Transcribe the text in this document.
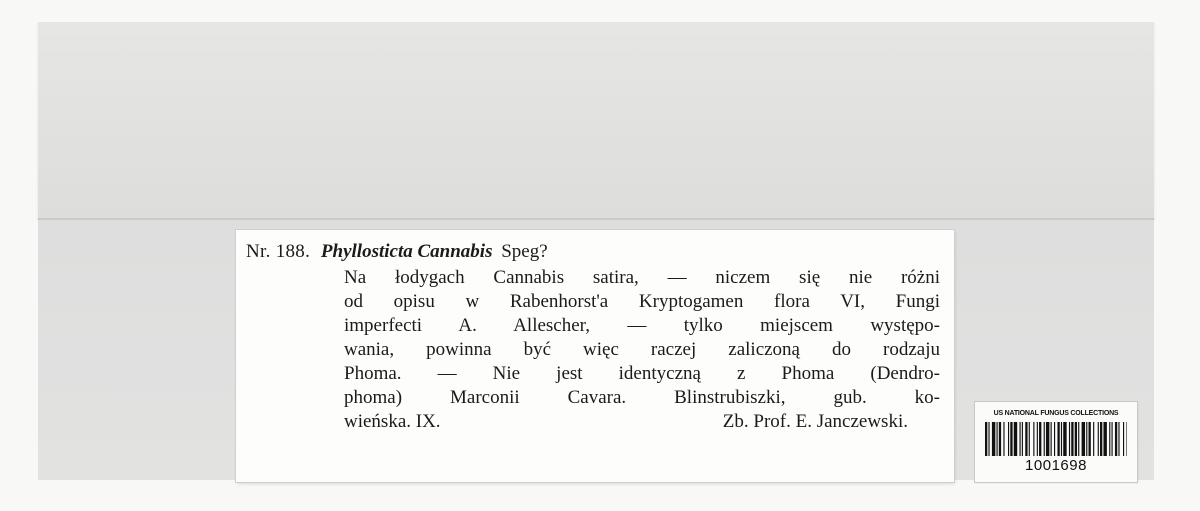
Nr. 188. Phyllosticta Cannabis Speg?
Na łodygach Cannabis satira, — niczem się nie różni
od opisu w Rabenhorst'a Kryptogamen flora VI, Fungi
imperfecti A. Allescher, — tylko miejscem występo-
wania, powinna być więc raczej zaliczoną do rodzaju
Phoma. — Nie jest identyczną z Phoma (Dendro-
phoma) Marconii Cavara. Blinstrubiszki, gub. ko-
wieńska. IX.	Zb. Prof. E. Janczewski.	US NATIONAL FUNGUS COLLECTIONS
1001698
